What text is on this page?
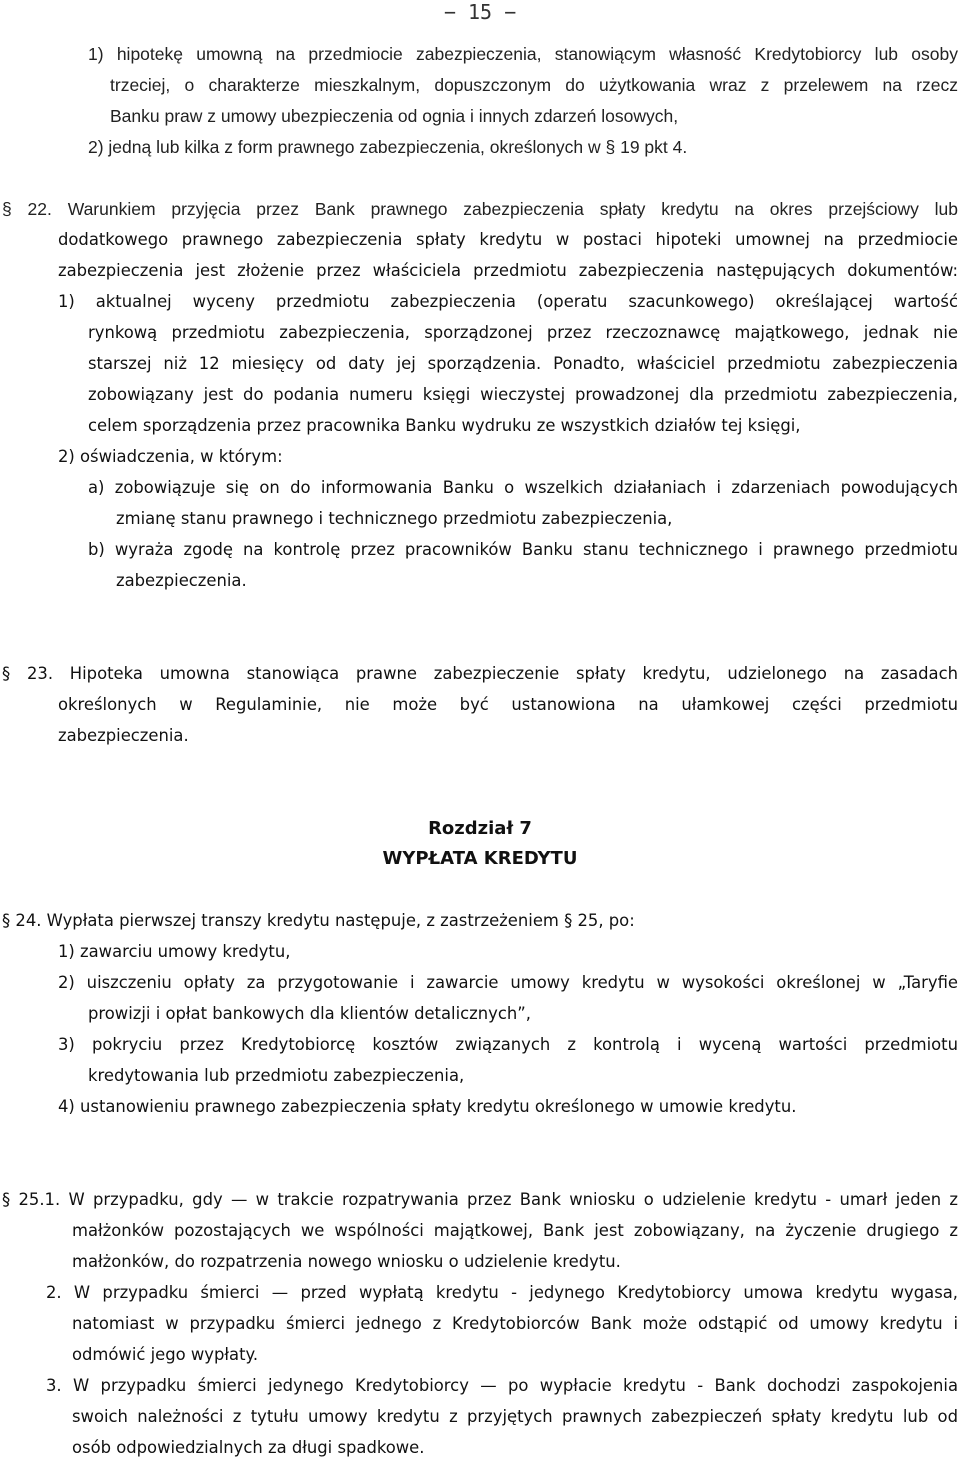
− 15 −
1) hipotekę umowną na przedmiocie zabezpieczenia, stanowiącym własność Kredytobiorcy lub osoby
trzeciej, o charakterze mieszkalnym, dopuszczonym do użytkowania wraz z przelewem na rzecz
Banku praw z umowy ubezpieczenia od ognia i innych zdarzeń losowych,
2) jedną lub kilka z form prawnego zabezpieczenia, określonych w § 19 pkt 4.
§ 22. Warunkiem przyjęcia przez Bank prawnego zabezpieczenia spłaty kredytu na okres przejściowy lub
dodatkowego prawnego zabezpieczenia spłaty kredytu w postaci hipoteki umownej na przedmiocie
zabezpieczenia jest złożenie przez właściciela przedmiotu zabezpieczenia następujących dokumentów:
1) aktualnej wyceny przedmiotu zabezpieczenia (operatu szacunkowego) określającej wartość
rynkową przedmiotu zabezpieczenia, sporządzonej przez rzeczoznawcę majątkowego, jednak nie
starszej niż 12 miesięcy od daty jej sporządzenia. Ponadto, właściciel przedmiotu zabezpieczenia
zobowiązany jest do podania numeru księgi wieczystej prowadzonej dla przedmiotu zabezpieczenia,
celem sporządzenia przez pracownika Banku wydruku ze wszystkich działów tej księgi,
2) oświadczenia, w którym:
a) zobowiązuje się on do informowania Banku o wszelkich działaniach i zdarzeniach powodujących
zmianę stanu prawnego i technicznego przedmiotu zabezpieczenia,
b) wyraża zgodę na kontrolę przez pracowników Banku stanu technicznego i prawnego przedmiotu
zabezpieczenia.
§ 23. Hipoteka umowna stanowiąca prawne zabezpieczenie spłaty kredytu, udzielonego na zasadach
określonych w Regulaminie, nie może być ustanowiona na ułamkowej części przedmiotu
zabezpieczenia.
Rozdział 7
WYPŁATA KREDYTU
§ 24. Wypłata pierwszej transzy kredytu następuje, z zastrzeżeniem § 25, po:
1) zawarciu umowy kredytu,
2) uiszczeniu opłaty za przygotowanie i zawarcie umowy kredytu w wysokości określonej w „Taryfie
prowizji i opłat bankowych dla klientów detalicznych”,
3) pokryciu przez Kredytobiorcę kosztów związanych z kontrolą i wyceną wartości przedmiotu
kredytowania lub przedmiotu zabezpieczenia,
4) ustanowieniu prawnego zabezpieczenia spłaty kredytu określonego w umowie kredytu.
§ 25.1. W przypadku, gdy — w trakcie rozpatrywania przez Bank wniosku o udzielenie kredytu - umarł jeden z
małżonków pozostających we wspólności majątkowej, Bank jest zobowiązany, na życzenie drugiego z
małżonków, do rozpatrzenia nowego wniosku o udzielenie kredytu.
2. W przypadku śmierci — przed wypłatą kredytu - jedynego Kredytobiorcy umowa kredytu wygasa,
natomiast w przypadku śmierci jednego z Kredytobiorców Bank może odstąpić od umowy kredytu i
odmówić jego wypłaty.
3. W przypadku śmierci jedynego Kredytobiorcy — po wypłacie kredytu - Bank dochodzi zaspokojenia
swoich należności z tytułu umowy kredytu z przyjętych prawnych zabezpieczeń spłaty kredytu lub od
osób odpowiedzialnych za długi spadkowe.
